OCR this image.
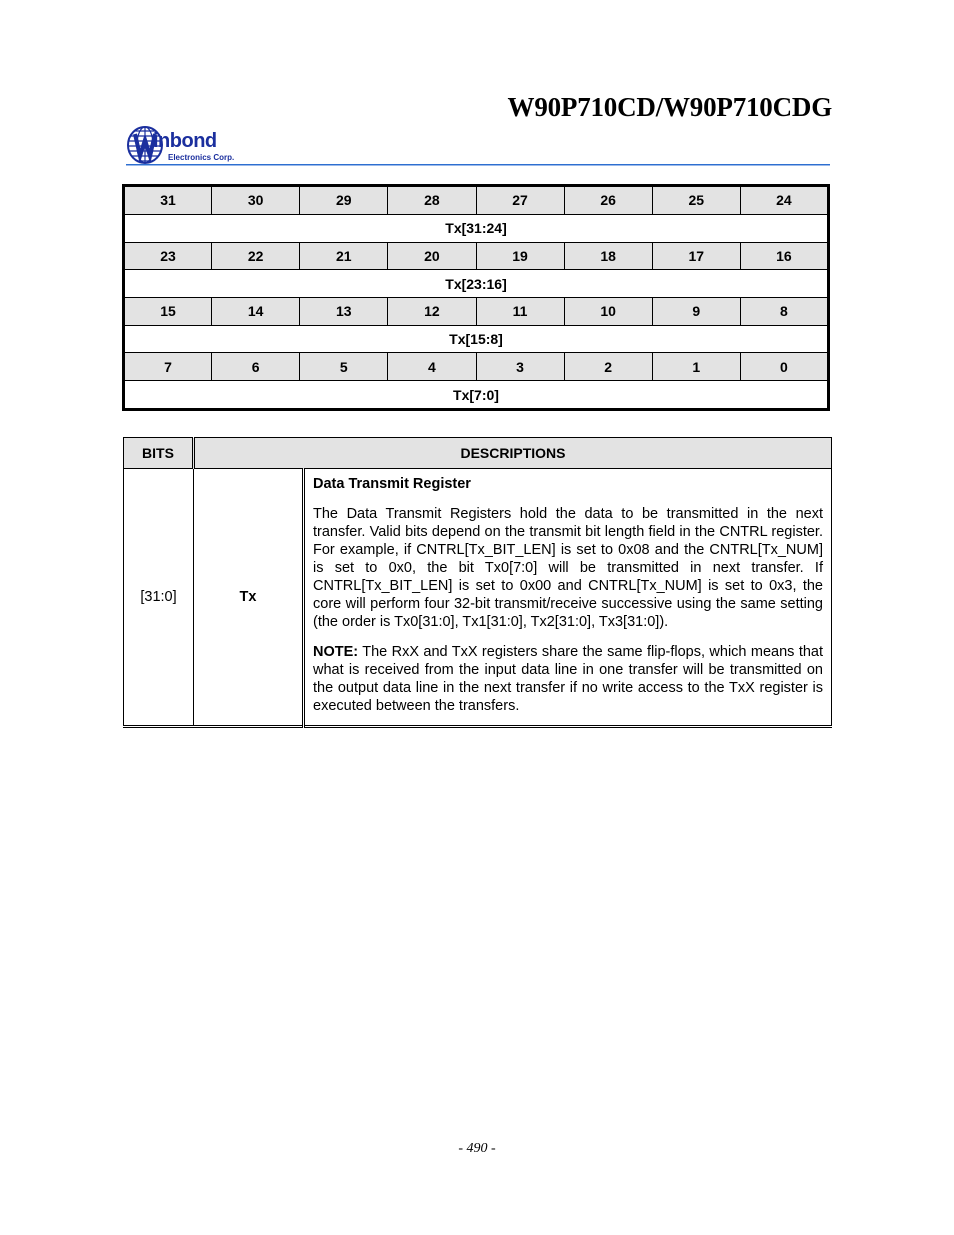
W90P710CD/W90P710CDG
inbond
Electronics Corp.
31	30	29	28	27	26	25	24
Tx[31:24]							
23	22	21	20	19	18	17	16
Tx[23:16]							
15	14	13	12	11	10	9	8
Tx[15:8]							
7	6	5	4	3	2	1	0
Tx[7:0]							
BITS	DESCRIPTIONS	
[31:0]	Tx	Data Transmit Register

The Data Transmit Registers hold the data to be transmitted in the next transfer. Valid bits depend on the transmit bit length field in the CNTRL register. For example, if CNTRL[Tx_BIT_LEN] is set to 0x08 and the CNTRL[Tx_NUM] is set to 0x0, the bit Tx0[7:0] will be transmitted in next transfer. If CNTRL[Tx_BIT_LEN] is set to 0x00 and CNTRL[Tx_NUM] is set to 0x3, the core will perform four 32-bit transmit/receive successive using the same setting (the order is Tx0[31:0], Tx1[31:0], Tx2[31:0], Tx3[31:0]).

NOTE: The RxX and TxX registers share the same flip-flops, which means that what is received from the input data line in one transfer will be transmitted on the output data line in the next transfer if no write access to the TxX register is executed between the transfers.

- 490 -
